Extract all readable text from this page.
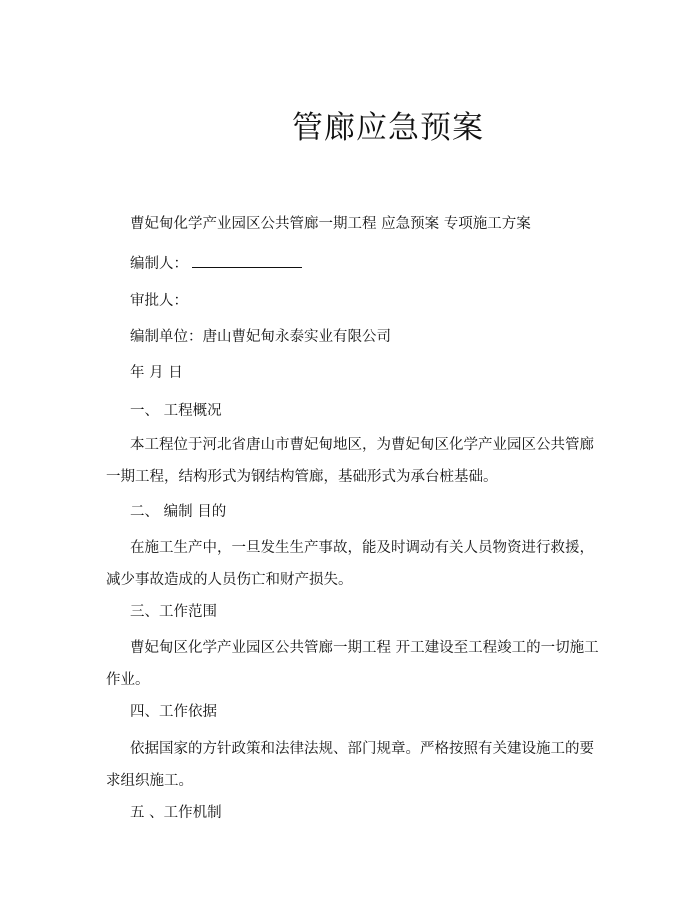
管廊应急预案
曹妃甸化学产业园区公共管廊一期工程 应急预案 专项施工方案
编制人：
审批人：
编制单位：唐山曹妃甸永泰实业有限公司
年 月 日
一、 工程概况
本工程位于河北省唐山市曹妃甸地区，为曹妃甸区化学产业园区公共管廊一期工程，结构形式为钢结构管廊，基础形式为承台桩基础。
二、 编制 目的
在施工生产中，一旦发生生产事故，能及时调动有关人员物资进行救援，减少事故造成的人员伤亡和财产损失。
三、工作范围
曹妃甸区化学产业园区公共管廊一期工程 开工建设至工程竣工的一切施工作业。
四、工作依据
依据国家的方针政策和法律法规、部门规章。严格按照有关建设施工的要求组织施工。
五 、工作机制
